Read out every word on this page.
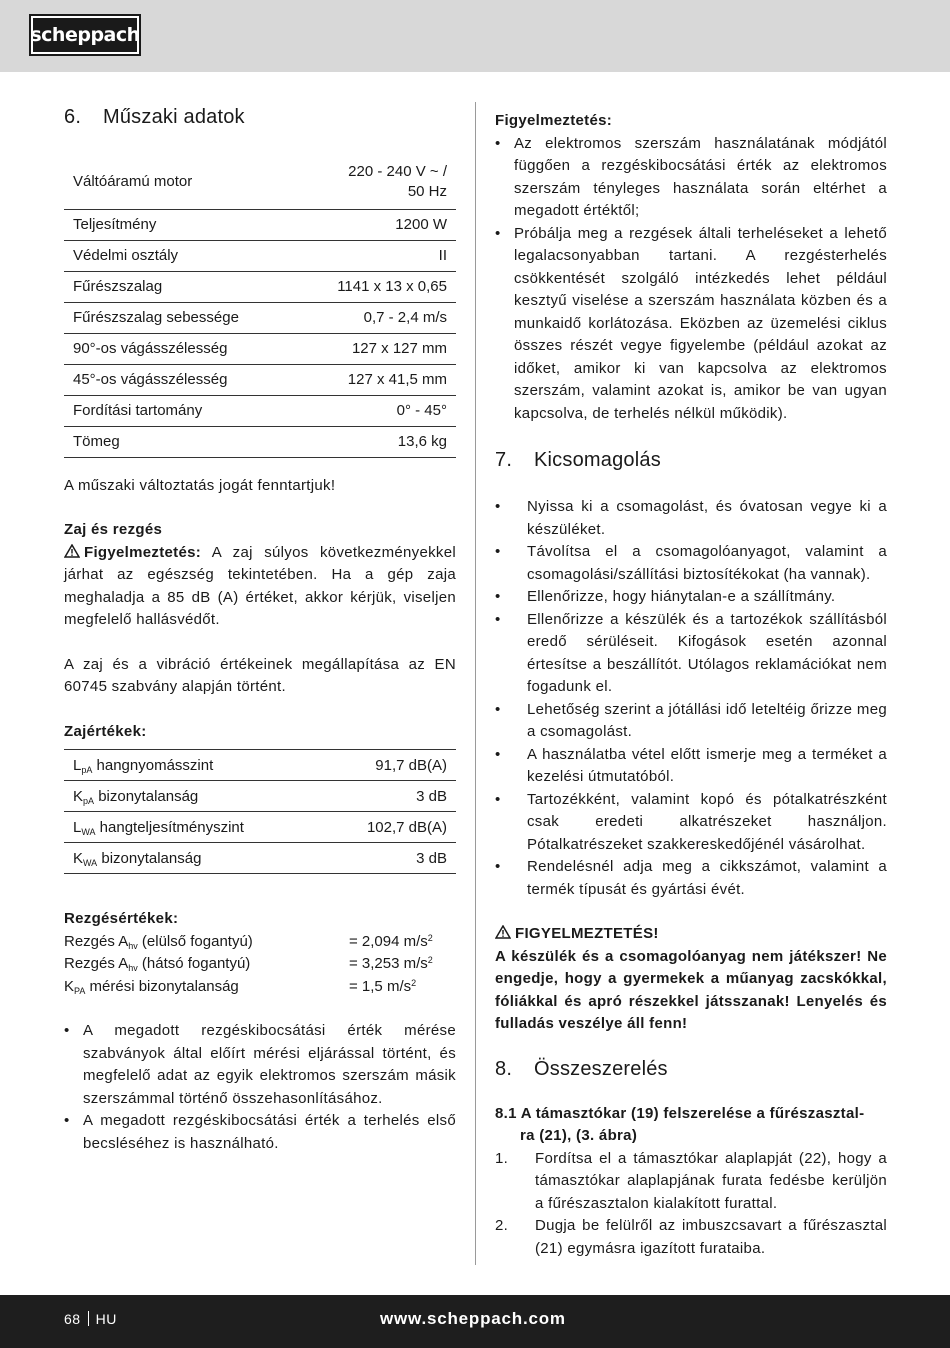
scheppach
6.	Műszaki adatok
Váltóáramú motor	220 - 240 V ~ /
50 Hz
Teljesítmény	1200 W
Védelmi osztály	II
Fűrészszalag	1141 x 13 x 0,65
Fűrészszalag sebessége	0,7 - 2,4 m/s
90°-os vágásszélesség	127 x 127 mm
45°-os vágásszélesség	127 x 41,5 mm
Fordítási tartomány	0° - 45°
Tömeg	13,6 kg

A műszaki változtatás jogát fenntartjuk!

Zaj és rezgés

Figyelmeztetés: A zaj súlyos következményekkel járhat az egészség tekintetében. Ha a gép zaja meghaladja a 85 dB (A) értéket, akkor kérjük, viseljen megfelelő hallásvédőt.

A zaj és a vibráció értékeinek megállapítása az EN 60745 szabvány alapján történt.

Zajértékek:

$L_{pA}$ hangnyomásszint	91,7 dB(A)
$K_{pA}$ bizonytalanság	3 dB
$L_{WA}$ hangteljesítményszint	102,7 dB(A)
$K_{WA}$ bizonytalanság	3 dB

Rezgésértékek:

Rezgés $A_{hv}$ (elülső fogantyú)	= 2,094 $m/s^2$
Rezgés $A_{hv}$ (hátsó fogantyú)	= 3,253 $m/s^2$
$K_{PA}$ mérési bizonytalanság	= 1,5 $m/s^2$
• A megadott rezgéskibocsátási érték mérése szabványok által előírt mérési eljárással történt, és megfelelő adat az egyik elektromos szerszám másik szerszámmal történő összehasonlításához.
• A megadott rezgéskibocsátási érték a terhelés első becsléséhez is használható.

Figyelmeztetés:

• Az elektromos szerszám használatának módjától függően a rezgéskibocsátási érték az elektromos szerszám tényleges használata során eltérhet a megadott értéktől;
• Próbálja meg a rezgések általi terheléseket a lehető legalacsonyabban tartani. A rezgésterhelés csökkentését szolgáló intézkedés lehet például kesztyű viselése a szerszám használata közben és a munkaidő korlátozása. Eközben az üzemelési ciklus összes részét vegye figyelembe (például azokat az időket, amikor ki van kapcsolva az elektromos szerszám, valamint azokat is, amikor be van ugyan kapcsolva, de terhelés nélkül működik).
7.	Kicsomagolás
• Nyissa ki a csomagolást, és óvatosan vegye ki a készüléket.
• Távolítsa el a csomagolóanyagot, valamint a csomagolási/szállítási biztosítékokat (ha vannak).
• Ellenőrizze, hogy hiánytalan-e a szállítmány.
• Ellenőrizze a készülék és a tartozékok szállításból eredő sérüléseit. Kifogások esetén azonnal értesítse a beszállítót. Utólagos reklamációkat nem fogadunk el.
• Lehetőség szerint a jótállási idő leteltéig őrizze meg a csomagolást.
• A használatba vétel előtt ismerje meg a terméket a kezelési útmutatóból.
• Tartozékként, valamint kopó és pótalkatrészként csak eredeti alkatrészeket használjon. Pótalkatrészeket szakkereskedőjénél vásárolhat.
• Rendelésnél adja meg a cikkszámot, valamint a termék típusát és gyártási évét.

FIGYELMEZTETÉS!

A készülék és a csomagolóanyag nem játékszer! Ne engedje, hogy a gyermekek a műanyag zacskókkal, fóliákkal és apró részekkel játsszanak! Lenyelés és fulladás veszélye áll fenn!

8.	Összeszerelés
8.1 A támasztókar (19) felszerelése a fűrészasztal-
ra (21), (3. ábra)
1. Fordítsa el a támasztókar alaplapját (22), hogy a támasztókar alaplapjának furata fedésbe kerüljön a fűrészasztalon kialakított furattal.
2. Dugja be felülről az imbuszcsavart a fűrészasztal (21) egymásra igazított furataiba.
68 HU	www.scheppach.com
